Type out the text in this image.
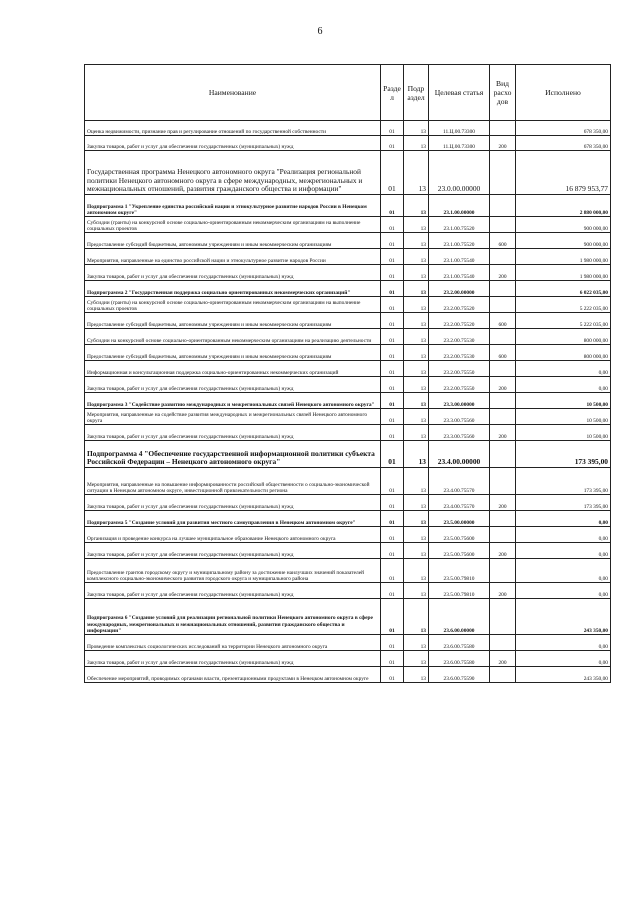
6
Наименование	Разде л	Подр аздел	Целевая статья	Вид расхо дов	Исполнено
Оценка недвижимости, признание прав и регулирование отношений по государственной собственности	01	13	11.Ц.00.73300		678 350,00
Закупка товаров, работ и услуг для обеспечения государственных (муниципальных) нужд	01	13	11.Ц.00.73300	200	678 350,00
Государственная программа Ненецкого автономного округа "Реализация региональной политики Ненецкого автономного округа в сфере международных, межрегиональных и межнациональных отношений, развития гражданского общества и информации"	01	13	23.0.00.00000		16 879 953,77
Подпрограмма 1 "Укрепление единства российской нации и этнокультурное развитие народов России в Ненецком автономном округе"	01	13	23.1.00.00000		2 880 000,00
Субсидии (гранты) на конкурсной основе социально-ориентированным некоммерческим организациям на выполнение социальных проектов	01	13	23.1.00.75520		900 000,00
Предоставление субсидий бюджетным, автономным учреждениям и иным некоммерческим организациям	01	13	23.1.00.75520	600	900 000,00
Мероприятия, направленные на единство российской нации и этнокультурное развитие народов России	01	13	23.1.00.75540		1 980 000,00
Закупка товаров, работ и услуг для обеспечения государственных (муниципальных) нужд	01	13	23.1.00.75540	200	1 980 000,00
Подпрограмма 2 "Государственная поддержка социально ориентированных некоммерческих организаций"	01	13	23.2.00.00000		6 022 035,00
Субсидии (гранты) на конкурсной основе социально-ориентированным некоммерческим организациям на выполнение социальных проектов	01	13	23.2.00.75520		5 222 035,00
Предоставление субсидий бюджетным, автономным учреждениям и иным некоммерческим организациям	01	13	23.2.00.75520	600	5 222 035,00
Субсидии на конкурсной основе социально-ориентированным некоммерческим организациям на реализацию деятельности	01	13	23.2.00.75530		800 000,00
Предоставление субсидий бюджетным, автономным учреждениям и иным некоммерческим организациям	01	13	23.2.00.75530	600	800 000,00
Информационная и консультационная поддержка социально-ориентированных некоммерческих организаций	01	13	23.2.00.75550		0,00
Закупка товаров, работ и услуг для обеспечения государственных (муниципальных) нужд	01	13	23.2.00.75550	200	0,00
Подпрограмма 3 "Содействие развитию международных и межрегиональных связей Ненецкого автономного округа"	01	13	23.3.00.00000		10 500,00
Мероприятия, направленные на содействие развития международных и межрегиональных связей Ненецкого автономного округа	01	13	23.3.00.75560		10 500,00
Закупка товаров, работ и услуг для обеспечения государственных (муниципальных) нужд	01	13	23.3.00.75560	200	10 500,00
Подпрограмма 4 "Обеспечение государственной информационной политики субъекта Российской Федерации – Ненецкого автономного округа"	01	13	23.4.00.00000		173 395,00
Мероприятия, направленные на повышение информированности российской общественности о социально-экономической ситуации в Ненецком автономном округе, инвестиционной привлекательности региона	01	13	23.4.00.75570		173 395,00
Закупка товаров, работ и услуг для обеспечения государственных (муниципальных) нужд	01	13	23.4.00.75570	200	173 395,00
Подпрограмма 5 "Создание условий для развития местного самоуправления в Ненецком автономном округе"	01	13	23.5.00.00000		0,00
Организация и проведение конкурса на лучшее муниципальное образование Ненецкого автономного округа	01	13	23.5.00.75600		0,00
Закупка товаров, работ и услуг для обеспечения государственных (муниципальных) нужд	01	13	23.5.00.75600	200	0,00
Предоставление грантов городскому округу и муниципальному району за достижение наилучших значений показателей комплексного социально-экономического развития городского округа и муниципального района	01	13	23.5.00.79810		0,00
Закупка товаров, работ и услуг для обеспечения государственных (муниципальных) нужд	01	13	23.5.00.79810	200	0,00
Подпрограмма 6 "Создание условий для реализации региональной политики Ненецкого автономного округа в сфере международных, межрегиональных и межнациональных отношений, развития гражданского общества и информации"	01	13	23.6.00.00000		243 350,00
Проведение комплексных социологических исследований на территории Ненецкого автономного округа	01	13	23.6.00.75580		0,00
Закупка товаров, работ и услуг для обеспечения государственных (муниципальных) нужд	01	13	23.6.00.75580	200	0,00
Обеспечение мероприятий, проводимых органами власти, презентационными продуктами в Ненецком автономном округе	01	13	23.6.00.75590		243 350,00
